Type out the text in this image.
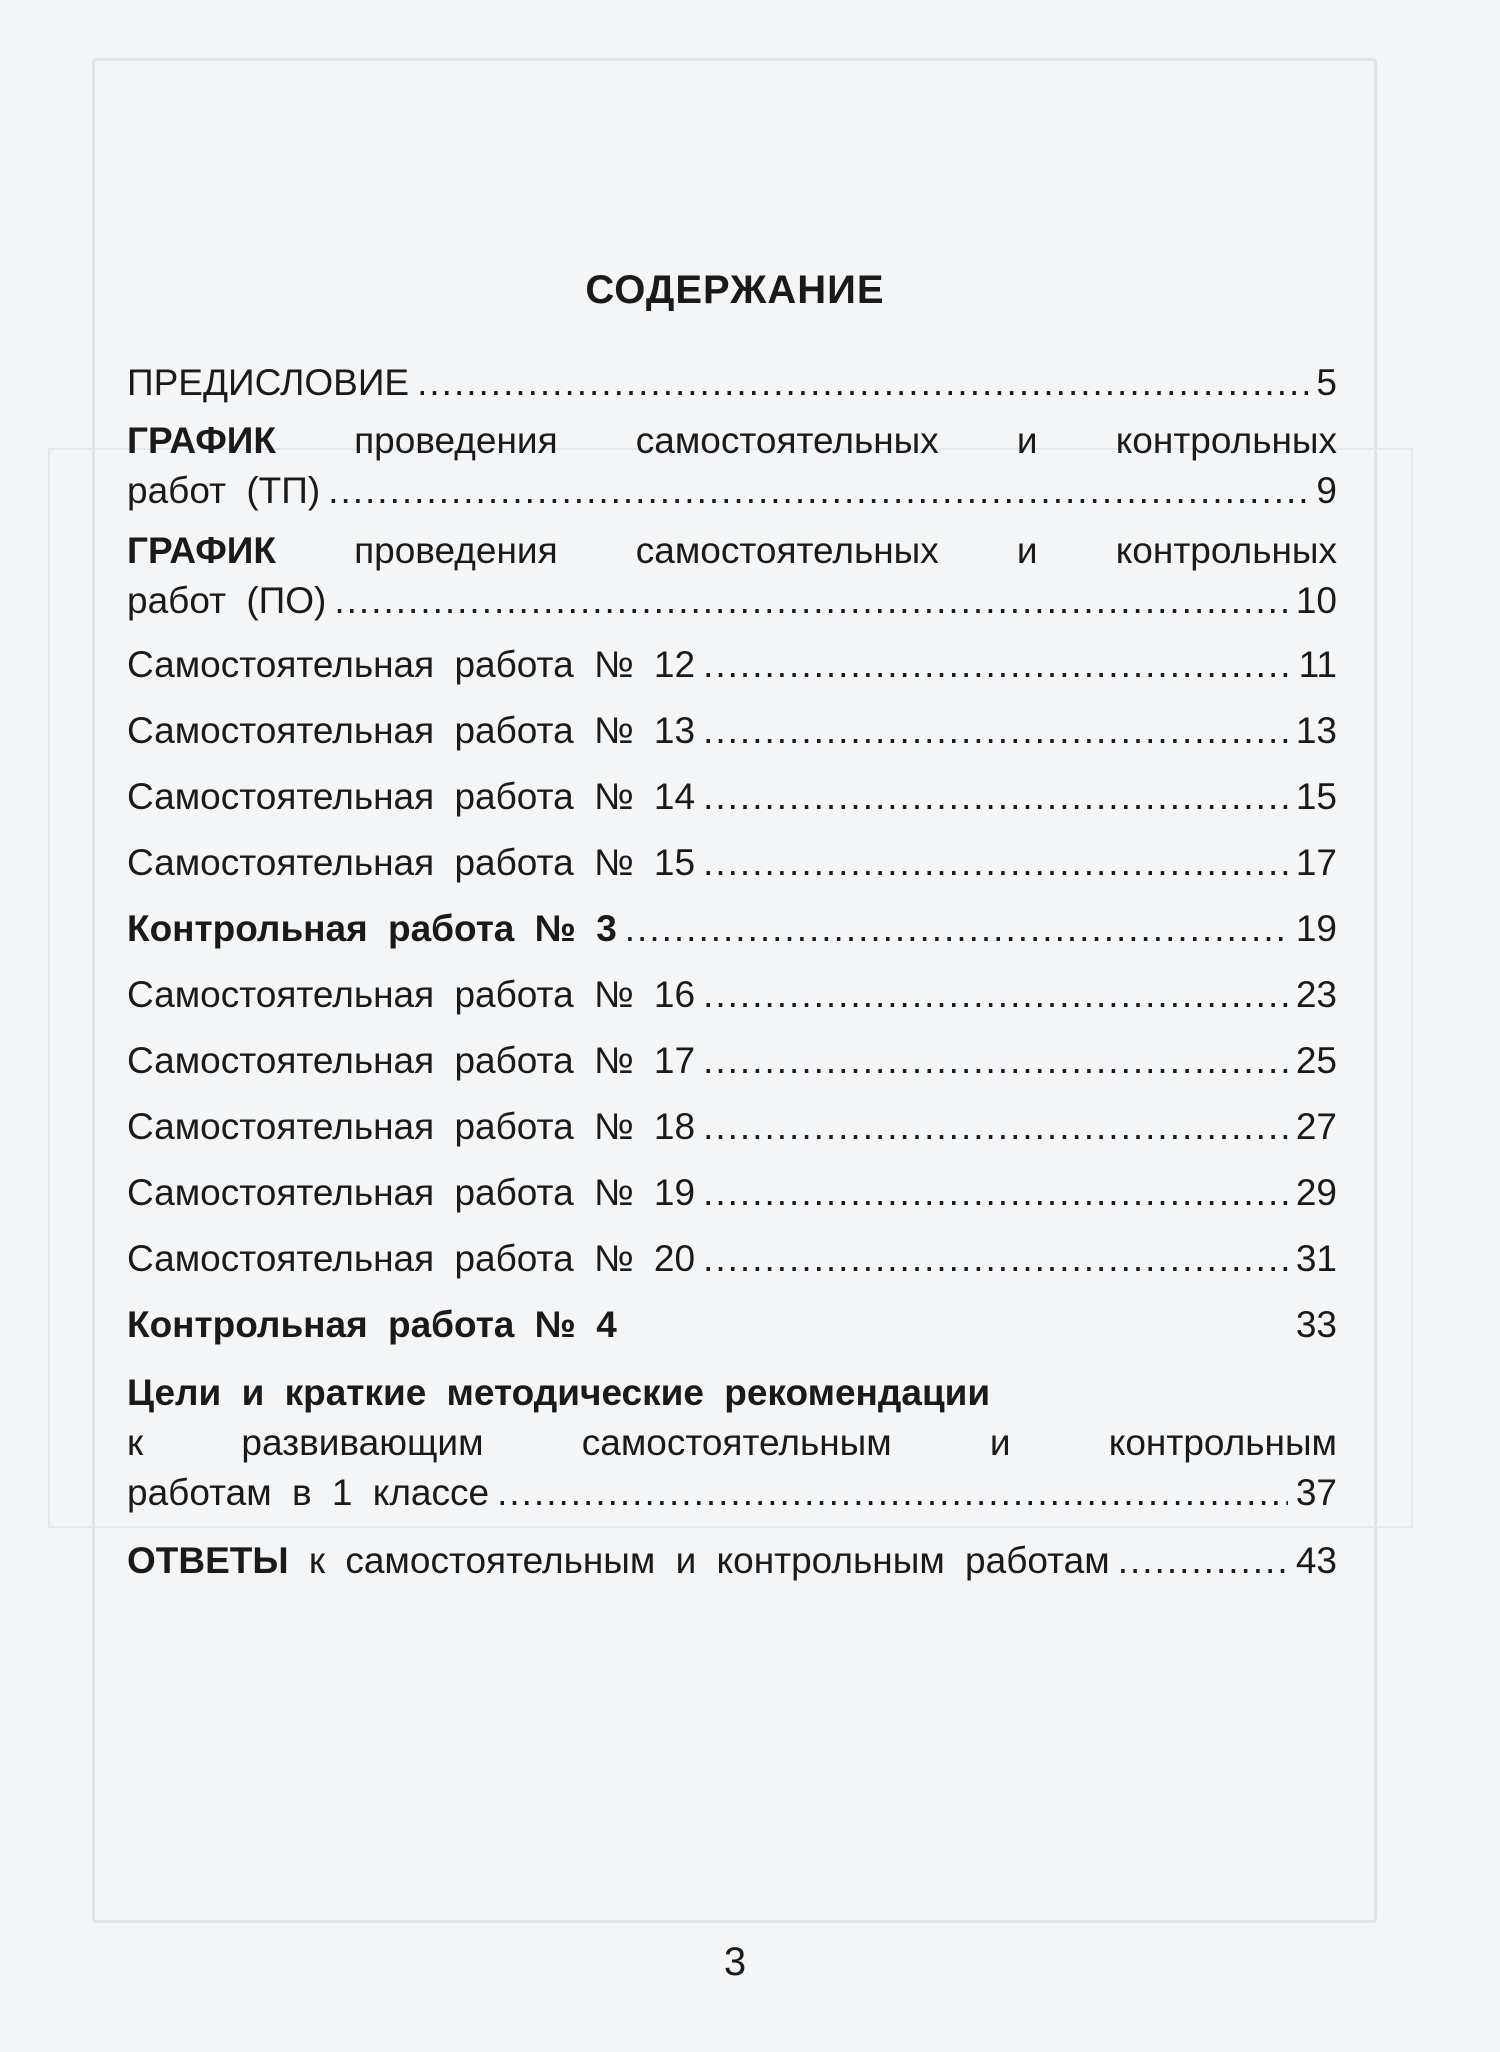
СОДЕРЖАНИЕ
ПРЕДИСЛОВИЕ .....	5
ГРАФИК проведения самостоятельных и контрольных
работ (ТП) .....	9
ГРАФИК проведения самостоятельных и контрольных
работ (ПО) .....	10
Самостоятельная работа № 12 .....	11
Самостоятельная работа № 13 .....	13
Самостоятельная работа № 14 .....	15
Самостоятельная работа № 15 .....	17
Контрольная работа № 3 .....	19
Самостоятельная работа № 16 .....	23
Самостоятельная работа № 17 .....	25
Самостоятельная работа № 18 .....	27
Самостоятельная работа № 19 .....	29
Самостоятельная работа № 20 .....	31
Контрольная работа № 4	33
Цели и краткие методические рекомендации
к развивающим самостоятельным и контрольным
работам в 1 классе .....	37
ОТВЕТЫ к самостоятельным и контрольным работам .....	43
3
